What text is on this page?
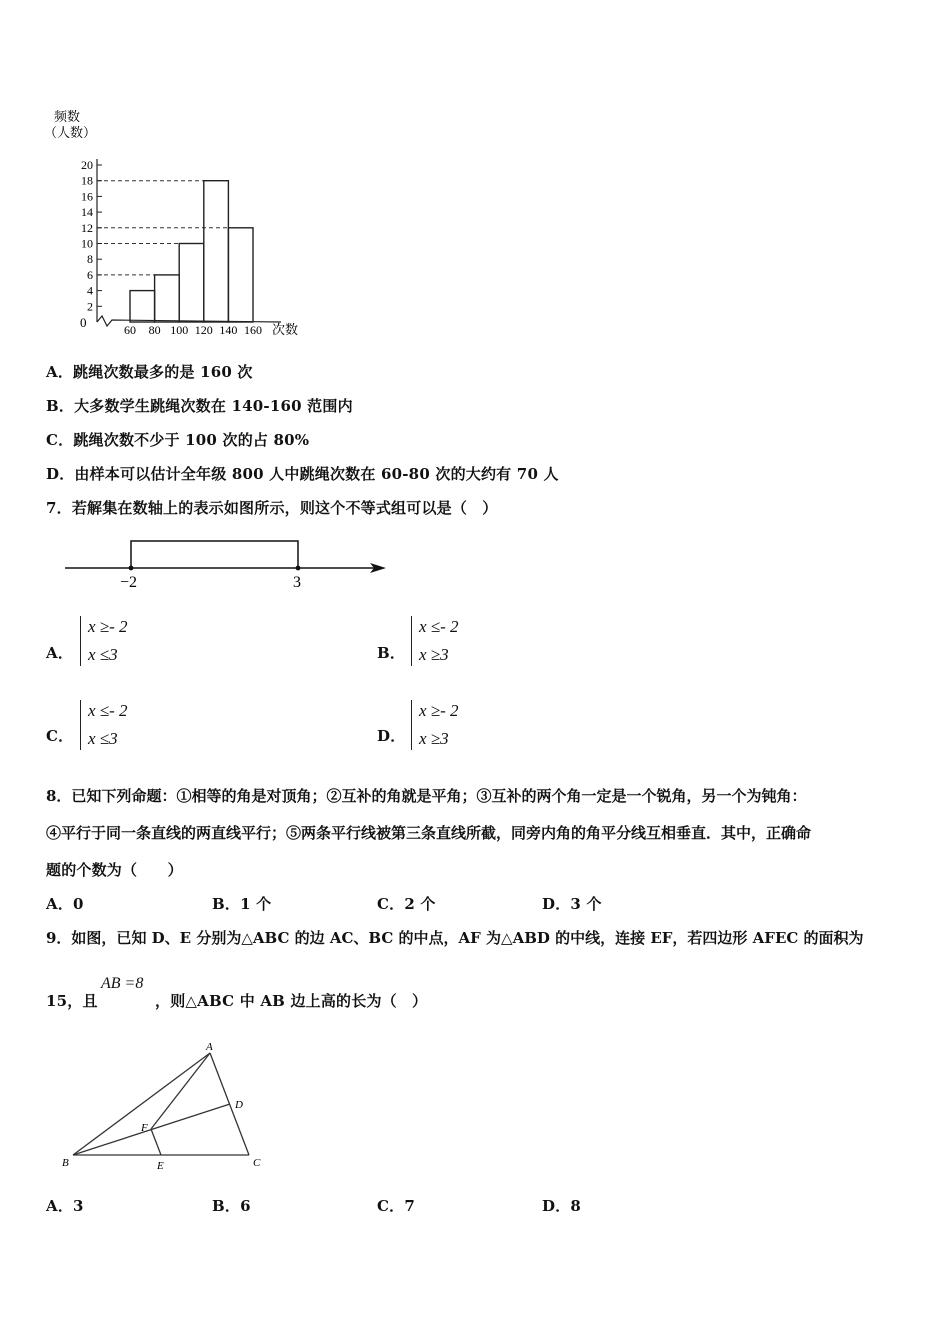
频数
（人数）
2
4
6
8
10
12
14
16
18
20
60 80 100 120 140 160
0	次数
A．跳绳次数最多的是 160 次
B．大多数学生跳绳次数在 140-160 范围内
C．跳绳次数不少于 100 次的占 80%
D．由样本可以估计全年级 800 人中跳绳次数在 60-80 次的大约有 70 人
7．若解集在数轴上的表示如图所示，则这个不等式组可以是（　）
−2	3
A．
x ≥- 2
x ≤3	B．
x ≤- 2
x ≥3
C．
x ≤- 2
x ≤3	D．
x ≥- 2
x ≥3
8．已知下列命题：①相等的角是对顶角；②互补的角就是平角；③互补的两个角一定是一个锐角，另一个为钝角：
④平行于同一条直线的两直线平行；⑤两条平行线被第三条直线所截，同旁内角的角平分线互相垂直．其中，正确命
题的个数为（　　）
A．0	B．1 个	C．2 个	D．3 个
9．如图，已知 D、E 分别为△ABC 的边 AC、BC 的中点，AF 为△ABD 的中线，连接 EF，若四边形 AFEC 的面积为
15，且
AB =8
，则△ABC 中 AB 边上高的长为（　）
A
B	C
D
E
F
A．3	B．6	C．7	D．8
